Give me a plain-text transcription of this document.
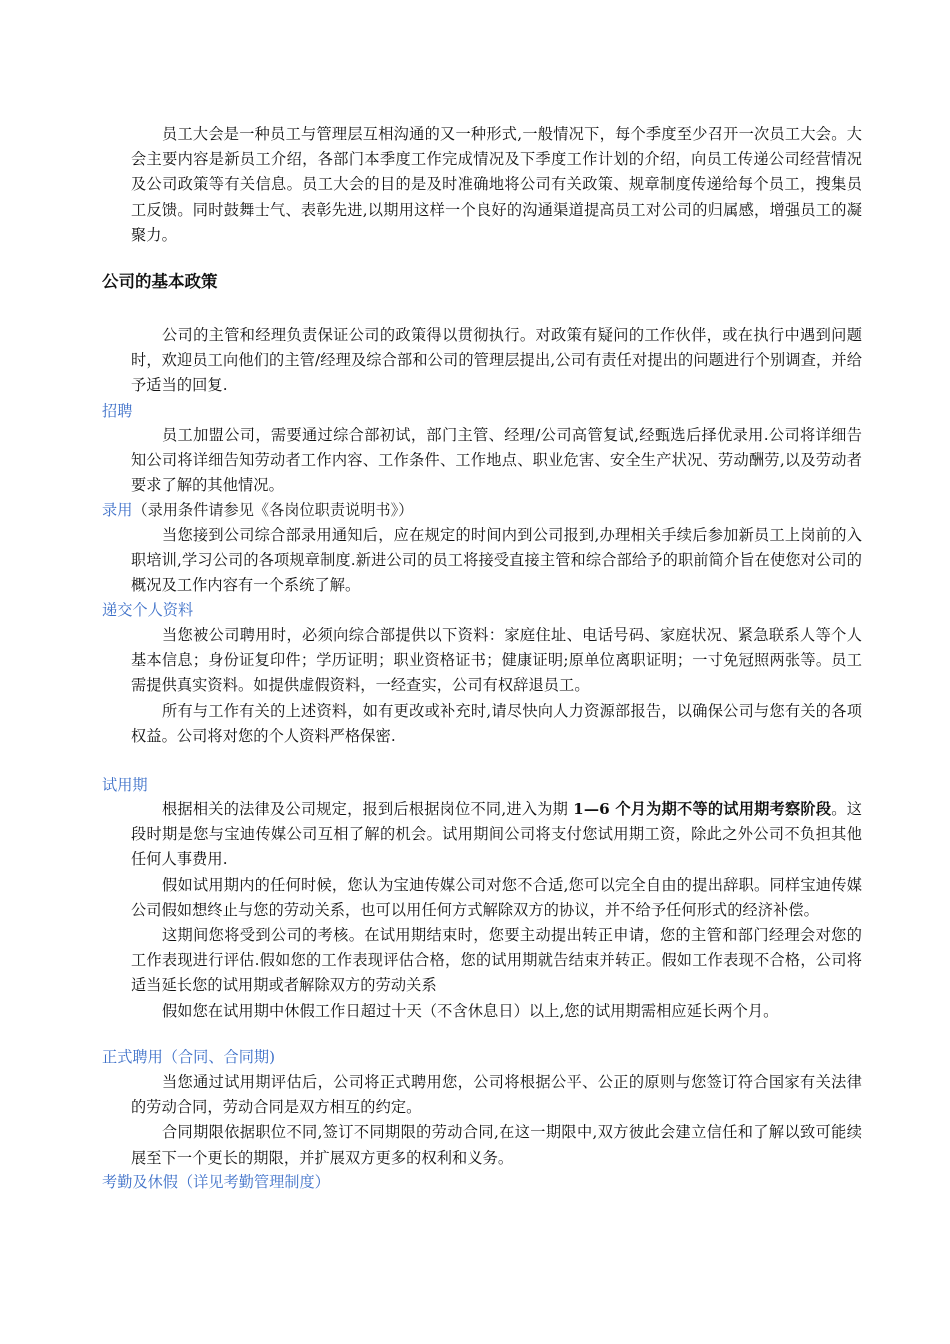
员工大会是一种员工与管理层互相沟通的又一种形式,一般情况下，每个季度至少召开一次员工大会。大会主要内容是新员工介绍，各部门本季度工作完成情况及下季度工作计划的介绍，向员工传递公司经营情况及公司政策等有关信息。员工大会的目的是及时准确地将公司有关政策、规章制度传递给每个员工，搜集员工反馈。同时鼓舞士气、表彰先进,以期用这样一个良好的沟通渠道提高员工对公司的归属感，增强员工的凝聚力。

公司的基本政策

公司的主管和经理负责保证公司的政策得以贯彻执行。对政策有疑问的工作伙伴，或在执行中遇到问题时，欢迎员工向他们的主管/经理及综合部和公司的管理层提出,公司有责任对提出的问题进行个别调查，并给予适当的回复.

招聘

员工加盟公司，需要通过综合部初试，部门主管、经理/公司高管复试,经甄选后择优录用.公司将详细告知公司将详细告知劳动者工作内容、工作条件、工作地点、职业危害、安全生产状况、劳动酬劳,以及劳动者要求了解的其他情况。

录用（录用条件请参见《各岗位职责说明书》）

当您接到公司综合部录用通知后，应在规定的时间内到公司报到,办理相关手续后参加新员工上岗前的入职培训,学习公司的各项规章制度.新进公司的员工将接受直接主管和综合部给予的职前简介旨在使您对公司的概况及工作内容有一个系统了解。

递交个人资料

当您被公司聘用时，必须向综合部提供以下资料：家庭住址、电话号码、家庭状况、紧急联系人等个人基本信息；身份证复印件；学历证明；职业资格证书；健康证明;原单位离职证明；一寸免冠照两张等。员工需提供真实资料。如提供虚假资料，一经查实，公司有权辞退员工。

所有与工作有关的上述资料，如有更改或补充时,请尽快向人力资源部报告，以确保公司与您有关的各项权益。公司将对您的个人资料严格保密.

试用期

根据相关的法律及公司规定，报到后根据岗位不同,进入为期 1—6 个月为期不等的试用期考察阶段。这段时期是您与宝迪传媒公司互相了解的机会。试用期间公司将支付您试用期工资，除此之外公司不负担其他任何人事费用.

假如试用期内的任何时候，您认为宝迪传媒公司对您不合适,您可以完全自由的提出辞职。同样宝迪传媒公司假如想终止与您的劳动关系，也可以用任何方式解除双方的协议，并不给予任何形式的经济补偿。

这期间您将受到公司的考核。在试用期结束时，您要主动提出转正申请，您的主管和部门经理会对您的工作表现进行评估.假如您的工作表现评估合格，您的试用期就告结束并转正。假如工作表现不合格，公司将适当延长您的试用期或者解除双方的劳动关系

假如您在试用期中休假工作日超过十天（不含休息日）以上,您的试用期需相应延长两个月。

正式聘用（合同、合同期)

当您通过试用期评估后，公司将正式聘用您，公司将根据公平、公正的原则与您签订符合国家有关法律的劳动合同，劳动合同是双方相互的约定。

合同期限依据职位不同,签订不同期限的劳动合同,在这一期限中,双方彼此会建立信任和了解以致可能续展至下一个更长的期限，并扩展双方更多的权利和义务。

考勤及休假（详见考勤管理制度）
